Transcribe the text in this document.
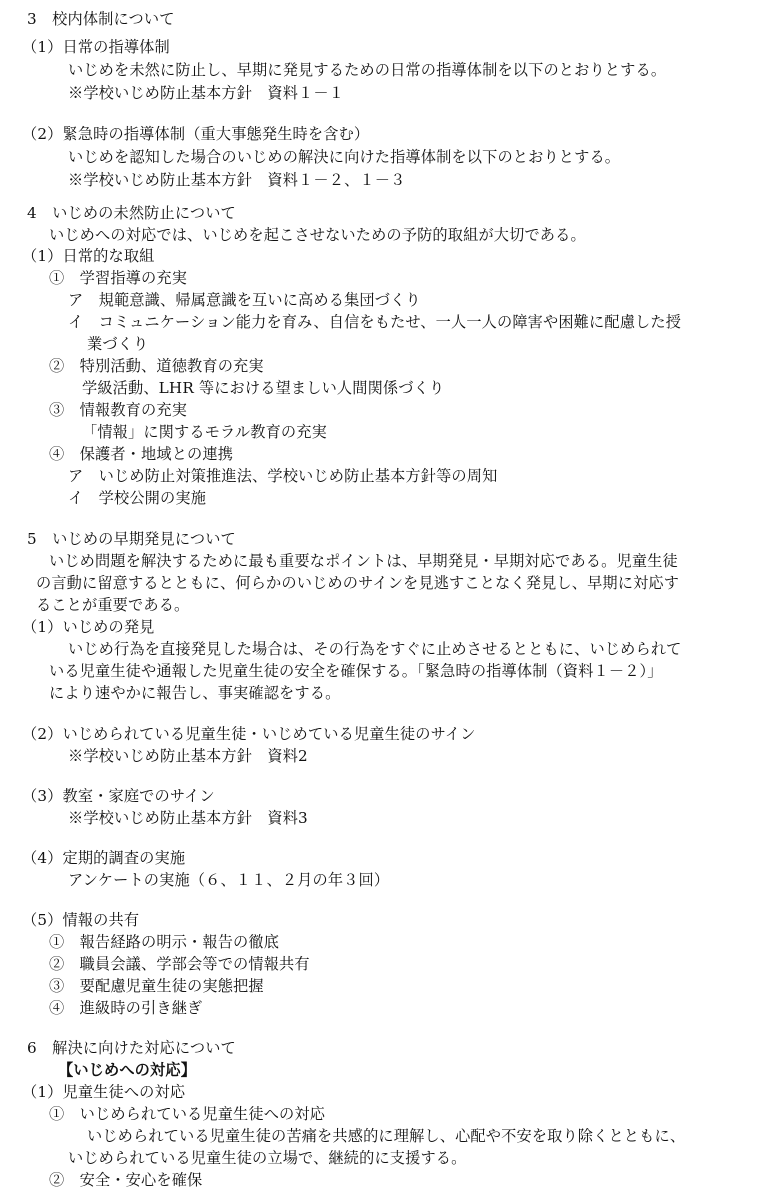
3　校内体制について
（1）日常の指導体制
いじめを未然に防止し、早期に発見するための日常の指導体制を以下のとおりとする。
※学校いじめ防止基本方針　資料１－１
（2）緊急時の指導体制（重大事態発生時を含む）
いじめを認知した場合のいじめの解決に向けた指導体制を以下のとおりとする。
※学校いじめ防止基本方針　資料１－２、１－３
4　いじめの未然防止について
いじめへの対応では、いじめを起こさせないための予防的取組が大切である。
（1）日常的な取組
①　学習指導の充実
ア　規範意識、帰属意識を互いに高める集団づくり
イ　コミュニケーション能力を育み、自信をもたせ、一人一人の障害や困難に配慮した授
業づくり
②　特別活動、道徳教育の充実
学級活動、LHR 等における望ましい人間関係づくり
③　情報教育の充実
「情報」に関するモラル教育の充実
④　保護者・地域との連携
ア　いじめ防止対策推進法、学校いじめ防止基本方針等の周知
イ　学校公開の実施
5　いじめの早期発見について
いじめ問題を解決するために最も重要なポイントは、早期発見・早期対応である。児童生徒
の言動に留意するとともに、何らかのいじめのサインを見逃すことなく発見し、早期に対応す
ることが重要である。
（1）いじめの発見
いじめ行為を直接発見した場合は、その行為をすぐに止めさせるとともに、いじめられて
いる児童生徒や通報した児童生徒の安全を確保する。「緊急時の指導体制（資料１－２）」
により速やかに報告し、事実確認をする。
（2）いじめられている児童生徒・いじめている児童生徒のサイン
※学校いじめ防止基本方針　資料2
（3）教室・家庭でのサイン
※学校いじめ防止基本方針　資料3
（4）定期的調査の実施
アンケートの実施（６、１１、２月の年３回）
（5）情報の共有
①　報告経路の明示・報告の徹底
②　職員会議、学部会等での情報共有
③　要配慮児童生徒の実態把握
④　進級時の引き継ぎ
6　解決に向けた対応について
【いじめへの対応】
（1）児童生徒への対応
①　いじめられている児童生徒への対応
いじめられている児童生徒の苦痛を共感的に理解し、心配や不安を取り除くとともに、
いじめられている児童生徒の立場で、継続的に支援する。
②　安全・安心を確保
